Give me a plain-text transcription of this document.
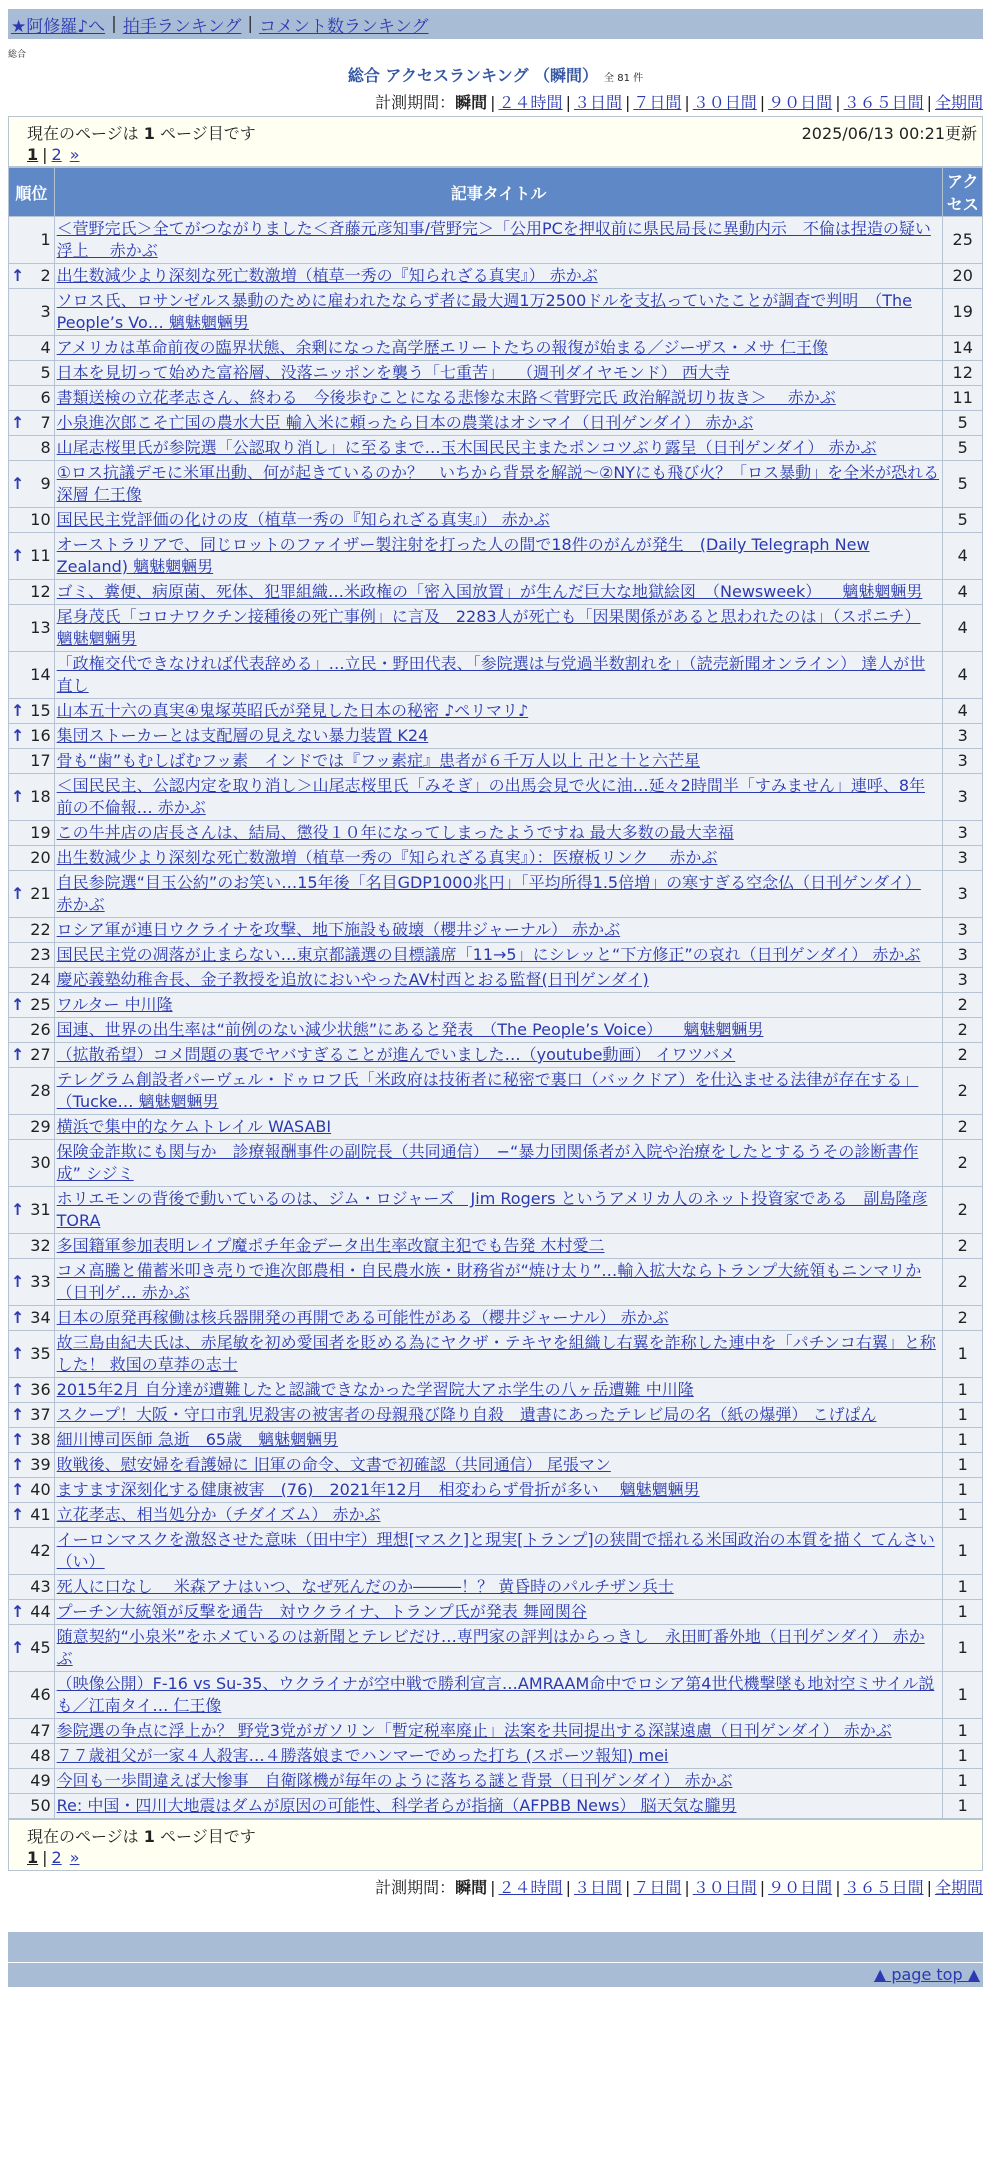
★阿修羅♪へ | 拍手ランキング | コメント数ランキング
総合
総合 アクセスランキング （瞬間） 全 81 件
計測期間：瞬間 | ２４時間 | ３日間 | ７日間 | ３０日間 | ９０日間 | ３６５日間 | 全期間
現在のページは 1 ページ目です	2025/06/13 00:21更新
1 | 2 »
順位	記事タイトル	アクセス
1	＜菅野完氏＞全てがつながりました＜斉藤元彦知事/菅野完＞「公用PCを押収前に県民局長に異動内示　不倫は捏造の疑い浮上　 赤かぶ	25

↑ 2	出生数減少より深刻な死亡数激増（植草一秀の『知られざる真実』） 赤かぶ	20
3	ソロス氏、ロサンゼルス暴動のために雇われたならず者に最大週1万2500ドルを支払っていたことが調査で判明　（The People’s Vo… 魑魅魍魎男	19
4	アメリカは革命前夜の臨界状態、余剰になった高学歴エリートたちの報復が始まる／ジーザス・メサ 仁王像	14
5	日本を見切って始めた富裕層、没落ニッポンを襲う「七重苦」　 （週刊ダイヤモンド） 西大寺	12
6	書類送検の立花孝志さん、終わる　今後歩むことになる悲惨な末路＜菅野完氏 政治解説切り抜き＞ 　赤かぶ	11

↑ 7	小泉進次郎こそ亡国の農水大臣 輸入米に頼ったら日本の農業はオシマイ（日刊ゲンダイ） 赤かぶ	5
8	山尾志桜里氏が参院選「公認取り消し」に至るまで…玉木国民民主またポンコツぶり露呈（日刊ゲンダイ） 赤かぶ	5

↑ 9	①ロス抗議デモに米軍出動、何が起きているのか？　いちから背景を解説〜②NYにも飛び火？「ロス暴動」を全米が恐れる深層 仁王像	5
10	国民民主党評価の化けの皮（植草一秀の『知られざる真実』） 赤かぶ	5

↑ 11	オーストラリアで、同じロットのファイザー製注射を打った人の間で18件のがんが発生　(Daily Telegraph New Zealand) 魑魅魍魎男	4
12	ゴミ、糞便、病原菌、死体、犯罪組織…米政権の「密入国放置」が生んだ巨大な地獄絵図　（Newsweek） 　魑魅魍魎男	4
13	尾身茂氏「コロナワクチン接種後の死亡事例」に言及　2283人が死亡も「因果関係があると思われたのは」（スポニチ） 魑魅魍魎男	4
14	「政権交代できなければ代表辞める」…立民・野田代表、「参院選は与党過半数割れを」（読売新聞オンライン） 達人が世直し	4

↑ 15	山本五十六の真実④鬼塚英昭氏が発見した日本の秘密 ♪ペリマリ♪	4

↑ 16	集団ストーカーとは支配層の見えない暴力装置 K24	3
17	骨も“歯”もむしばむフッ素　インドでは『フッ素症』患者が６千万人以上 卍と十と六芒星	3

↑ 18	＜国民民主、公認内定を取り消し＞山尾志桜里氏「みそぎ」の出馬会見で火に油…延々2時間半「すみません」連呼、8年前の不倫報… 赤かぶ	3
19	この牛丼店の店長さんは、結局、懲役１０年になってしまったようですね 最大多数の最大幸福	3
20	出生数減少より深刻な死亡数激増（植草一秀の『知られざる真実』）：医療板リンク　 赤かぶ	3

↑ 21	自民参院選“目玉公約”のお笑い…15年後「名目GDP1000兆円」「平均所得1.5倍増」の寒すぎる空念仏（日刊ゲンダイ） 赤かぶ	3
22	ロシア軍が連日ウクライナを攻撃、地下施設も破壊（櫻井ジャーナル） 赤かぶ	3
23	国民民主党の凋落が止まらない…東京都議選の目標議席「11→5」にシレッと“下方修正”の哀れ（日刊ゲンダイ） 赤かぶ	3
24	慶応義塾幼稚舎長、金子教授を追放においやったAV村西とおる監督(日刊ゲンダイ)	3

↑ 25	ワルター 中川隆	2
26	国連、世界の出生率は“前例のない減少状態”にあると発表　（The People’s Voice） 　魑魅魍魎男	2

↑ 27	（拡散希望）コメ問題の裏でヤバすぎることが進んでいました…（youtube動画） イワツバメ	2
28	テレグラム創設者パーヴェル・ドゥロフ氏「米政府は技術者に秘密で裏口（バックドア）を仕込ませる法律が存在する」（Tucke… 魑魅魍魎男	2
29	横浜で集中的なケムトレイル WASABI	2
30	保険金詐欺にも関与か　診療報酬事件の副院長（共同通信）　−“暴力団関係者が入院や治療をしたとするうその診断書作成” シジミ	2

↑ 31	ホリエモンの背後で動いているのは、ジム・ロジャーズ　Jim Rogers というアメリカ人のネット投資家である　副島隆彦 TORA	2
32	多国籍軍参加表明レイプ魔ポチ年金データ出生率改竄主犯でも告発 木村愛二	2

↑ 33	コメ高騰と備蓄米叩き売りで進次郎農相・自民農水族・財務省が“焼け太り”…輸入拡大ならトランプ大統領もニンマリか（日刊ゲ… 赤かぶ	2

↑ 34	日本の原発再稼働は核兵器開発の再開である可能性がある（櫻井ジャーナル） 赤かぶ	2

↑ 35	故三島由紀夫氏は、赤尾敏を初め愛国者を貶める為にヤクザ・テキヤを組織し右翼を詐称した連中を「パチンコ右翼」と称した！ 救国の草莽の志士	1

↑ 36	2015年2月 自分達が遭難したと認識できなかった学習院大アホ学生の八ヶ岳遭難 中川隆	1

↑ 37	スクープ！大阪・守口市乳児殺害の被害者の母親飛び降り自殺　遺書にあったテレビ局の名（紙の爆弾） こげぱん	1

↑ 38	細川博司医師 急逝　65歳　魑魅魍魎男	1

↑ 39	敗戦後、慰安婦を看護婦に 旧軍の命令、文書で初確認（共同通信） 尾張マン	1

↑ 40	ますます深刻化する健康被害　(76)　2021年12月　相変わらず骨折が多い　 魑魅魍魎男	1

↑ 41	立花孝志、相当処分か（チダイズム） 赤かぶ	1
42	イーロンマスクを激怒させた意味（田中宇）理想[マスク]と現実[トランプ]の狭間で揺れる米国政治の本質を描く てんさい（い）	1
43	死人に口なし　 米森アナはいつ、なぜ死んだのか―――！？ 黄昏時のパルチザン兵士	1

↑ 44	プーチン大統領が反撃を通告　対ウクライナ、トランプ氏が発表 舞岡関谷	1

↑ 45	随意契約“小泉米”をホメているのは新聞とテレビだけ…専門家の評判はからっきし　永田町番外地（日刊ゲンダイ） 赤かぶ	1
46	（映像公開）F-16 vs Su-35、ウクライナが空中戦で勝利宣言…AMRAAM命中でロシア第4世代機撃墜も地対空ミサイル説も／江南タイ… 仁王像	1
47	参院選の争点に浮上か？ 野党3党がガソリン「暫定税率廃止」法案を共同提出する深謀遠慮（日刊ゲンダイ） 赤かぶ	1
48	７７歳祖父が一家４人殺害…４勝落娘までハンマーでめった打ち (スポーツ報知) mei	1
49	今回も一歩間違えば大惨事　自衛隊機が毎年のように落ちる謎と背景（日刊ゲンダイ） 赤かぶ	1
50	Re: 中国・四川大地震はダムが原因の可能性、科学者らが指摘（AFPBB News） 脳天気な朧男	1
現在のページは 1 ページ目です
1 | 2 »
計測期間：瞬間 | ２４時間 | ３日間 | ７日間 | ３０日間 | ９０日間 | ３６５日間 | 全期間
▲ page top ▲
